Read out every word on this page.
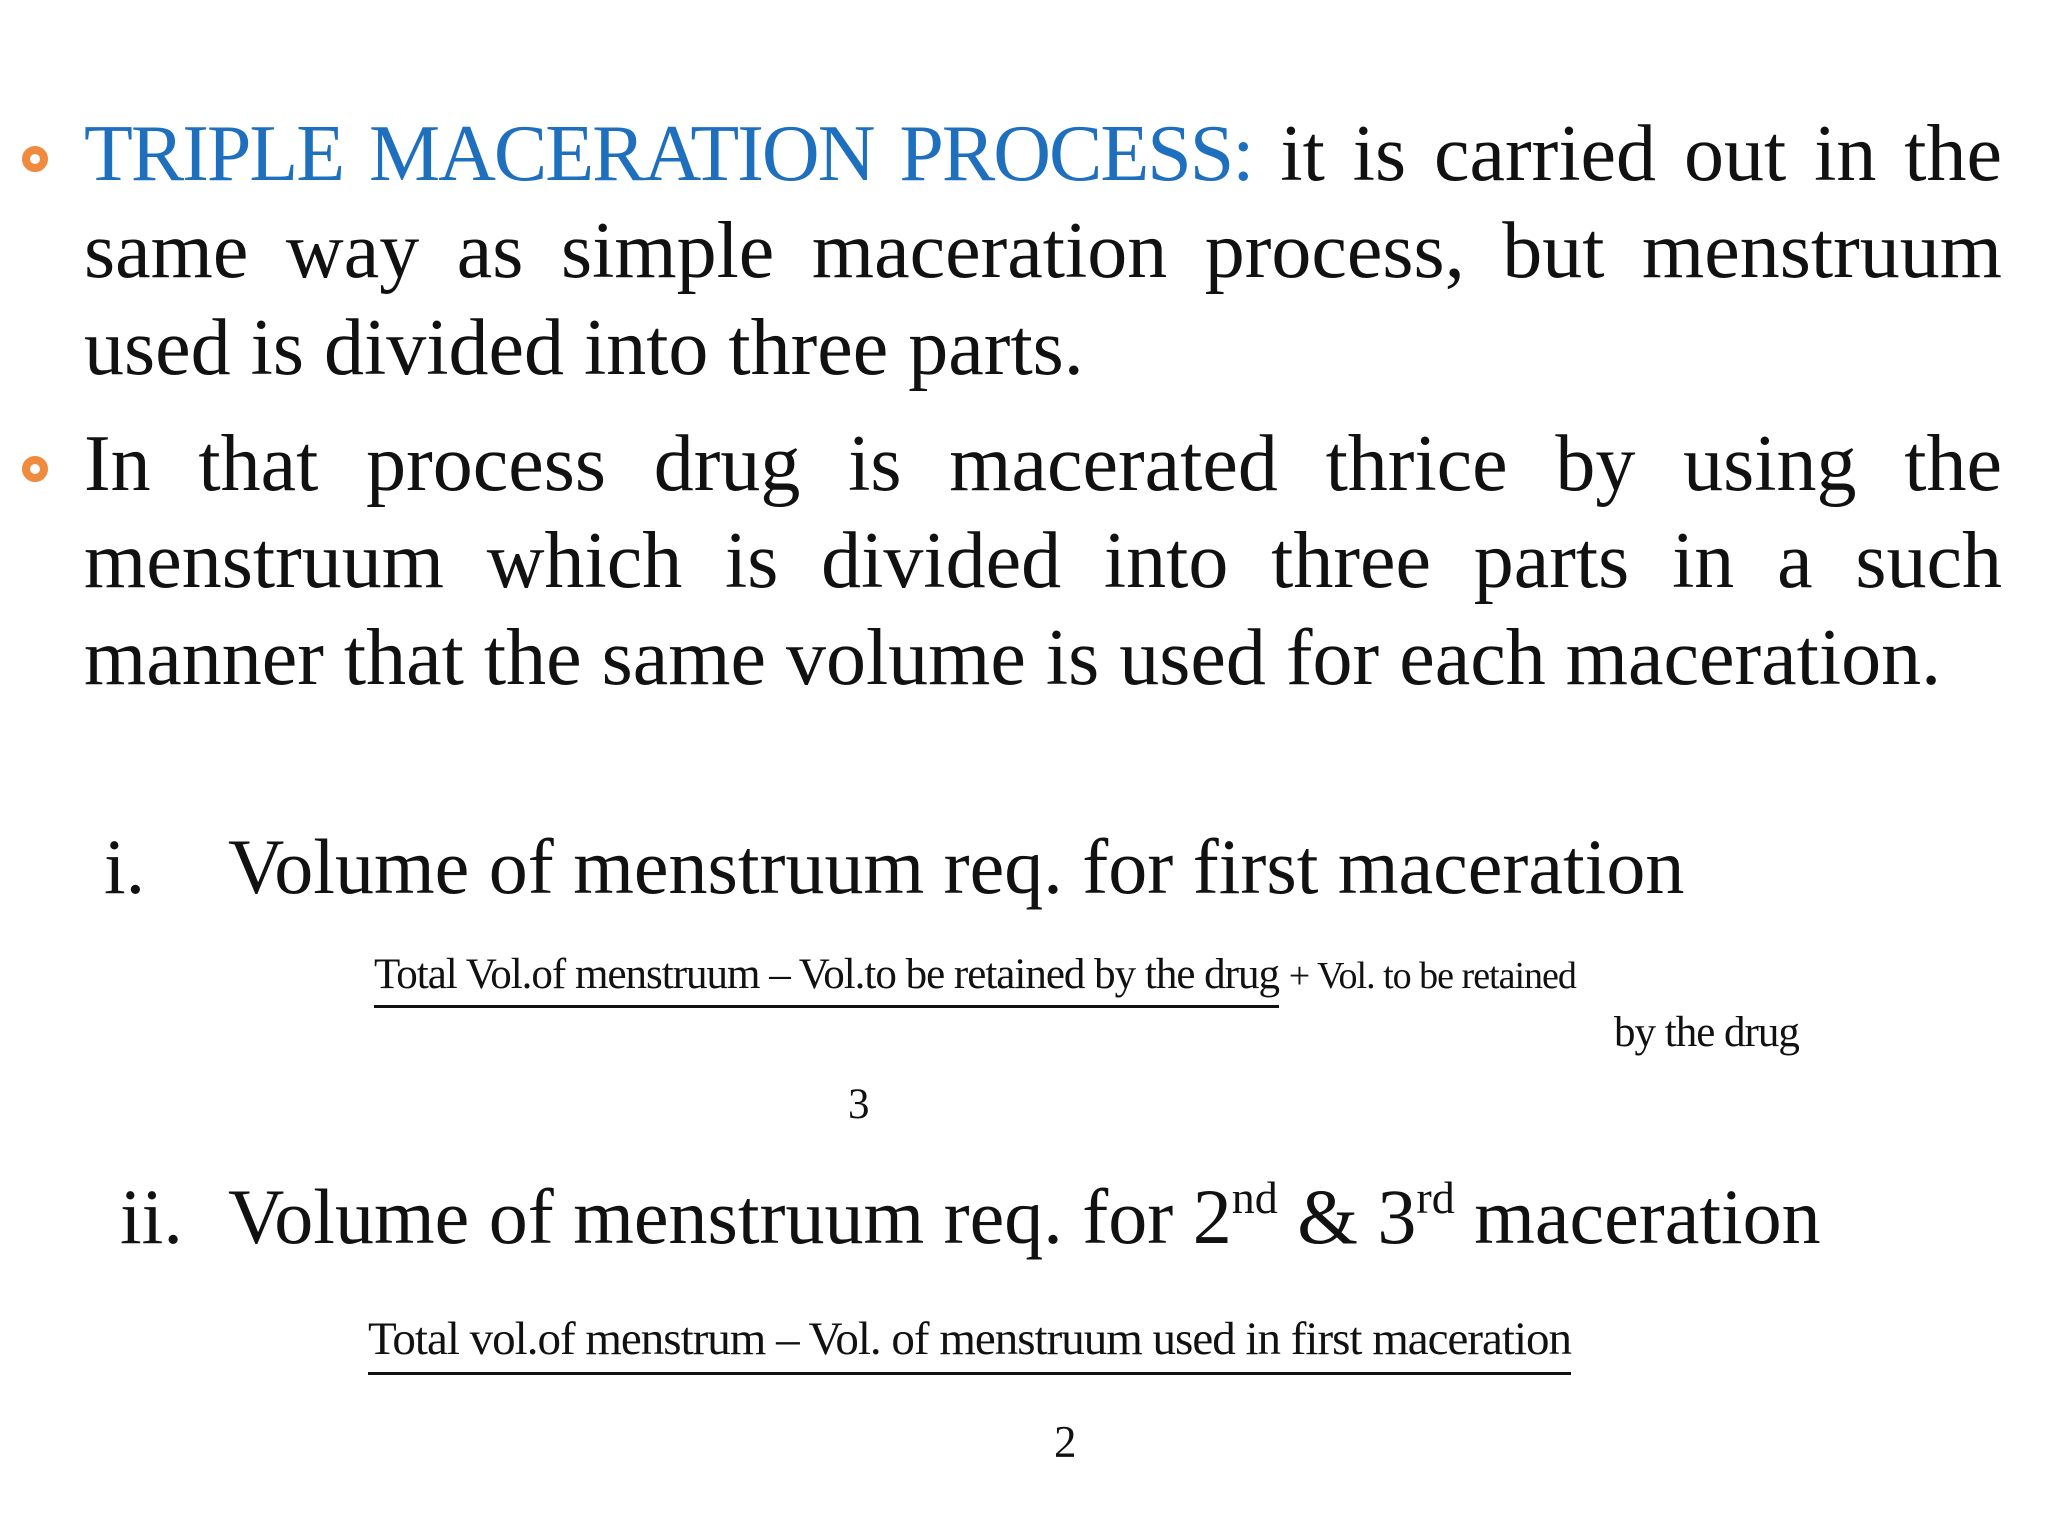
TRIPLE MACERATION PROCESS: it is carried out in the same way as simple maceration process, but menstruum used is divided into three parts.

In that process drug is macerated thrice by using the menstruum which is divided into three parts in a such manner that the same volume is used for each maceration.

i. Volume of menstruum req. for first maceration
Total Vol.of menstruum – Vol.to be retained by the drug + Vol. to be retained
by the drug
3
ii. Volume of menstruum req. for 2nd & 3rd maceration
Total vol.of menstrum – Vol. of menstruum used in first maceration
2
